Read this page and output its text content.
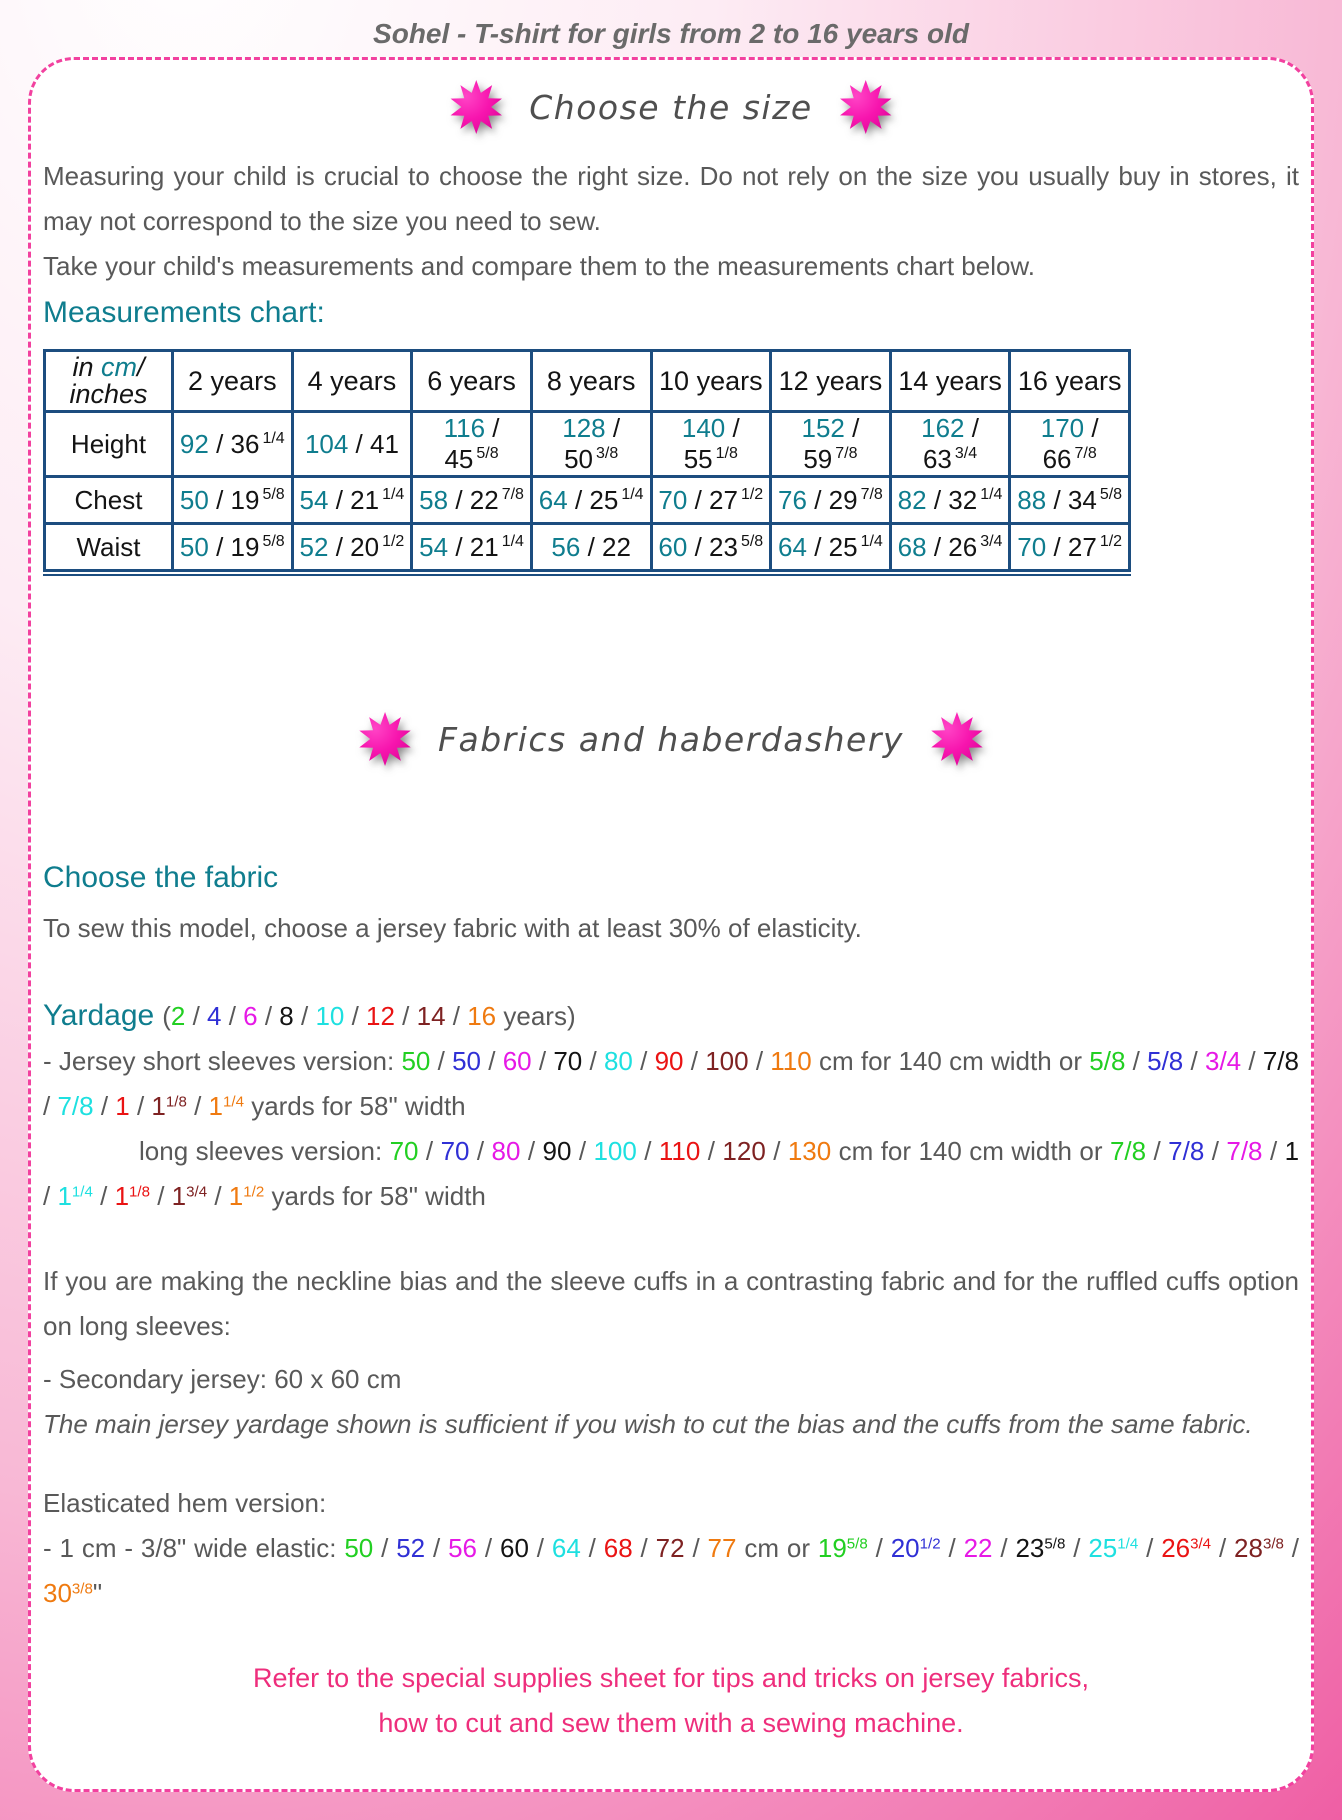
Sohel - T-shirt for girls from 2 to 16 years old
Choose the size

Measuring your child is crucial to choose the right size. Do not rely on the size you usually buy in stores, it may not correspond to the size you need to sew.

Take your child's measurements and compare them to the measurements chart below.

Measurements chart:
in cm/
inches	2 years	4 years	6 years	8 years	10 years	12 years	14 years	16 years
Height	92 / 36 $^{1/4}$	104 / 41	116 / 45 $^{5/8}$	128 / 50 $^{3/8}$	140 / 55 $^{1/8}$	152 / 59 $^{7/8}$	162 / 63 $^{3/4}$	170 / 66 $^{7/8}$
Chest	50 / 19 $^{5/8}$	54 / 21 $^{1/4}$	58 / 22 $^{7/8}$	64 / 25 $^{1/4}$	70 / 27 $^{1/2}$	76 / 29 $^{7/8}$	82 / 32 $^{1/4}$	88 / 34 $^{5/8}$
Waist	50 / 19 $^{5/8}$	52 / 20 $^{1/2}$	54 / 21 $^{1/4}$	56 / 22	60 / 23 $^{5/8}$	64 / 25 $^{1/4}$	68 / 26 $^{3/4}$	70 / 27 $^{1/2}$
Fabrics and haberdashery
Choose the fabric

To sew this model, choose a jersey fabric with at least 30% of elasticity.

Yardage (2 / 4 / 6 / 8 / 10 / 12 / 14 / 16 years)

- Jersey short sleeves version: 50 / 50 / 60 / 70 / 80 / 90 / 100 / 110 cm for 140 cm width or $5/8 / 5/8 / 3/4 / 7/8 / 7/8 / 1 / 1^{1/8} / 1^{1/4}$ yards for 58" width

long sleeves version: 70 / 70 / 80 / 90 / 100 / 110 / 120 / 130 cm for 140 cm width or $7/8 / 7/8 / 7/8 / 1 / 1^{1/4} / 1^{1/8} / 1^{3/4} / 1^{1/2}$ yards for 58" width

If you are making the neckline bias and the sleeve cuffs in a contrasting fabric and for the ruffled cuffs option on long sleeves:

- Secondary jersey: 60 x 60 cm

The main jersey yardage shown is sufficient if you wish to cut the bias and the cuffs from the same fabric.

Elasticated hem version:

- 1 cm - 3/8" wide elastic: 50 / 52 / 56 / 60 / 64 / 68 / 72 / 77 cm or $19^{5/8} / 20^{1/2} / 22 / 23^{5/8} / 25^{1/4} / 26^{3/4} / 28^{3/8} / 30^{3/8}$"

Refer to the special supplies sheet for tips and tricks on jersey fabrics,

how to cut and sew them with a sewing machine.
